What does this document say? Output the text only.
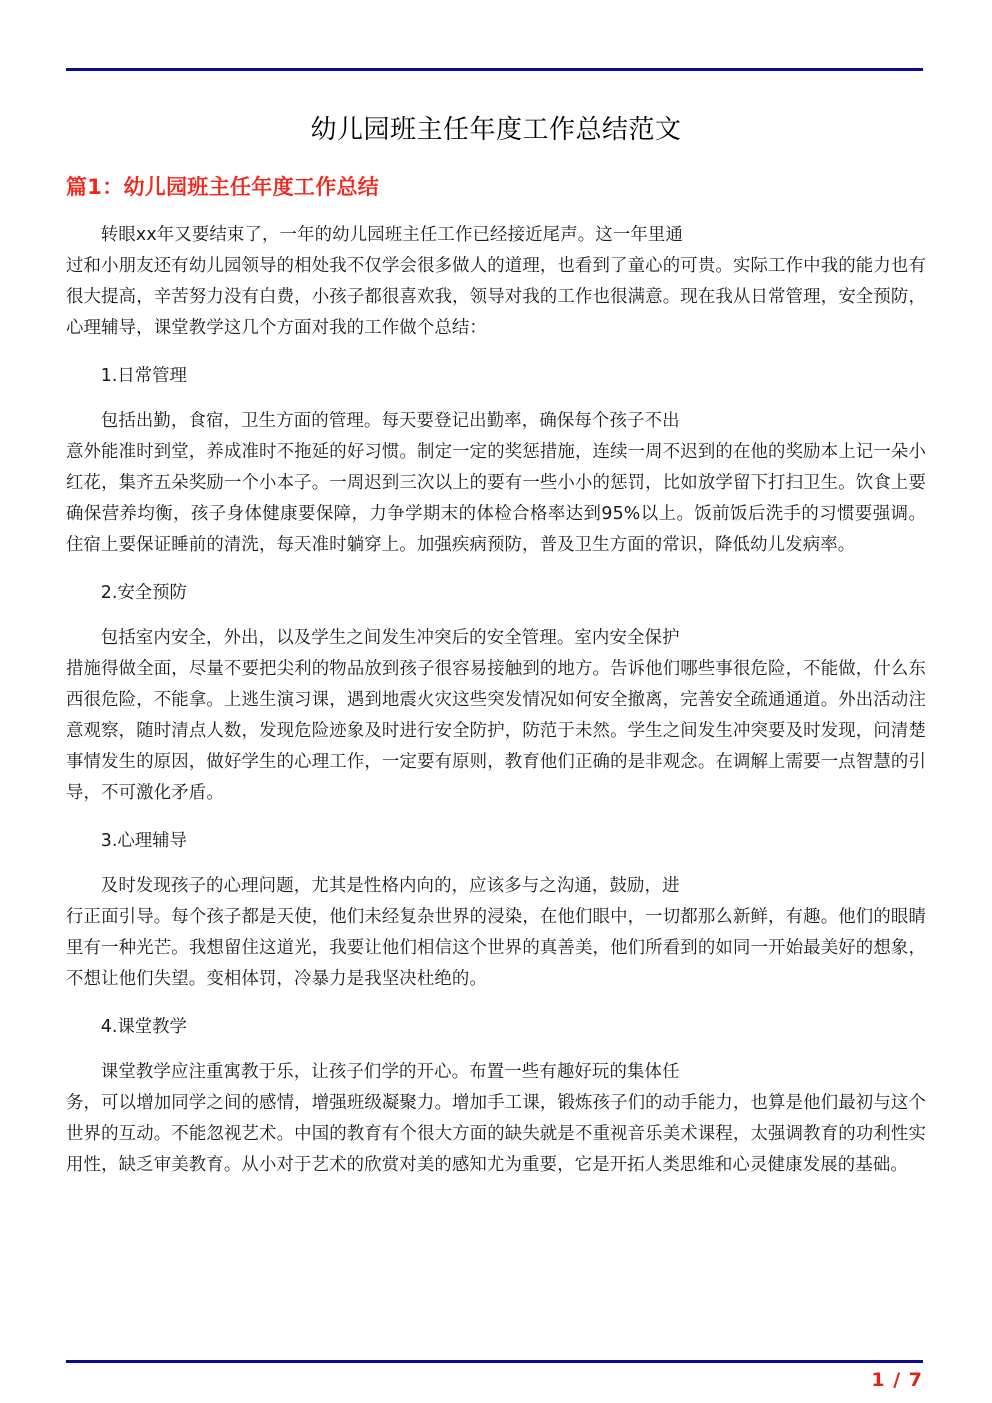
幼儿园班主任年度工作总结范文
篇1：幼儿园班主任年度工作总结

转眼xx年又要结束了，一年的幼儿园班主任工作已经接近尾声。这一年里通
过和小朋友还有幼儿园领导的相处我不仅学会很多做人的道理，也看到了童心的可贵。实际工作中我的能力也有很大提高，辛苦努力没有白费，小孩子都很喜欢我，领导对我的工作也很满意。现在我从日常管理，安全预防，心理辅导，课堂教学这几个方面对我的工作做个总结：

1.日常管理

包括出勤，食宿，卫生方面的管理。每天要登记出勤率，确保每个孩子不出
意外能准时到堂，养成准时不拖延的好习惯。制定一定的奖惩措施，连续一周不迟到的在他的奖励本上记一朵小红花，集齐五朵奖励一个小本子。一周迟到三次以上的要有一些小小的惩罚，比如放学留下打扫卫生。饮食上要确保营养均衡，孩子身体健康要保障，力争学期末的体检合格率达到95%以上。饭前饭后洗手的习惯要强调。住宿上要保证睡前的清洗，每天准时躺穿上。加强疾病预防，普及卫生方面的常识，降低幼儿发病率。

2.安全预防

包括室内安全，外出，以及学生之间发生冲突后的安全管理。室内安全保护
措施得做全面，尽量不要把尖利的物品放到孩子很容易接触到的地方。告诉他们哪些事很危险，不能做，什么东西很危险，不能拿。上逃生演习课，遇到地震火灾这些突发情况如何安全撤离，完善安全疏通通道。外出活动注意观察，随时清点人数，发现危险迹象及时进行安全防护，防范于未然。学生之间发生冲突要及时发现，问清楚事情发生的原因，做好学生的心理工作，一定要有原则，教育他们正确的是非观念。在调解上需要一点智慧的引导，不可激化矛盾。

3.心理辅导

及时发现孩子的心理问题，尤其是性格内向的，应该多与之沟通，鼓励，进
行正面引导。每个孩子都是天使，他们未经复杂世界的浸染，在他们眼中，一切都那么新鲜，有趣。他们的眼睛里有一种光芒。我想留住这道光，我要让他们相信这个世界的真善美，他们所看到的如同一开始最美好的想象，不想让他们失望。变相体罚，冷暴力是我坚决杜绝的。

4.课堂教学

课堂教学应注重寓教于乐，让孩子们学的开心。布置一些有趣好玩的集体任
务，可以增加同学之间的感情，增强班级凝聚力。增加手工课，锻炼孩子们的动手能力，也算是他们最初与这个世界的互动。不能忽视艺术。中国的教育有个很大方面的缺失就是不重视音乐美术课程，太强调教育的功利性实用性，缺乏审美教育。从小对于艺术的欣赏对美的感知尤为重要，它是开拓人类思维和心灵健康发展的基础。

1 / 7
